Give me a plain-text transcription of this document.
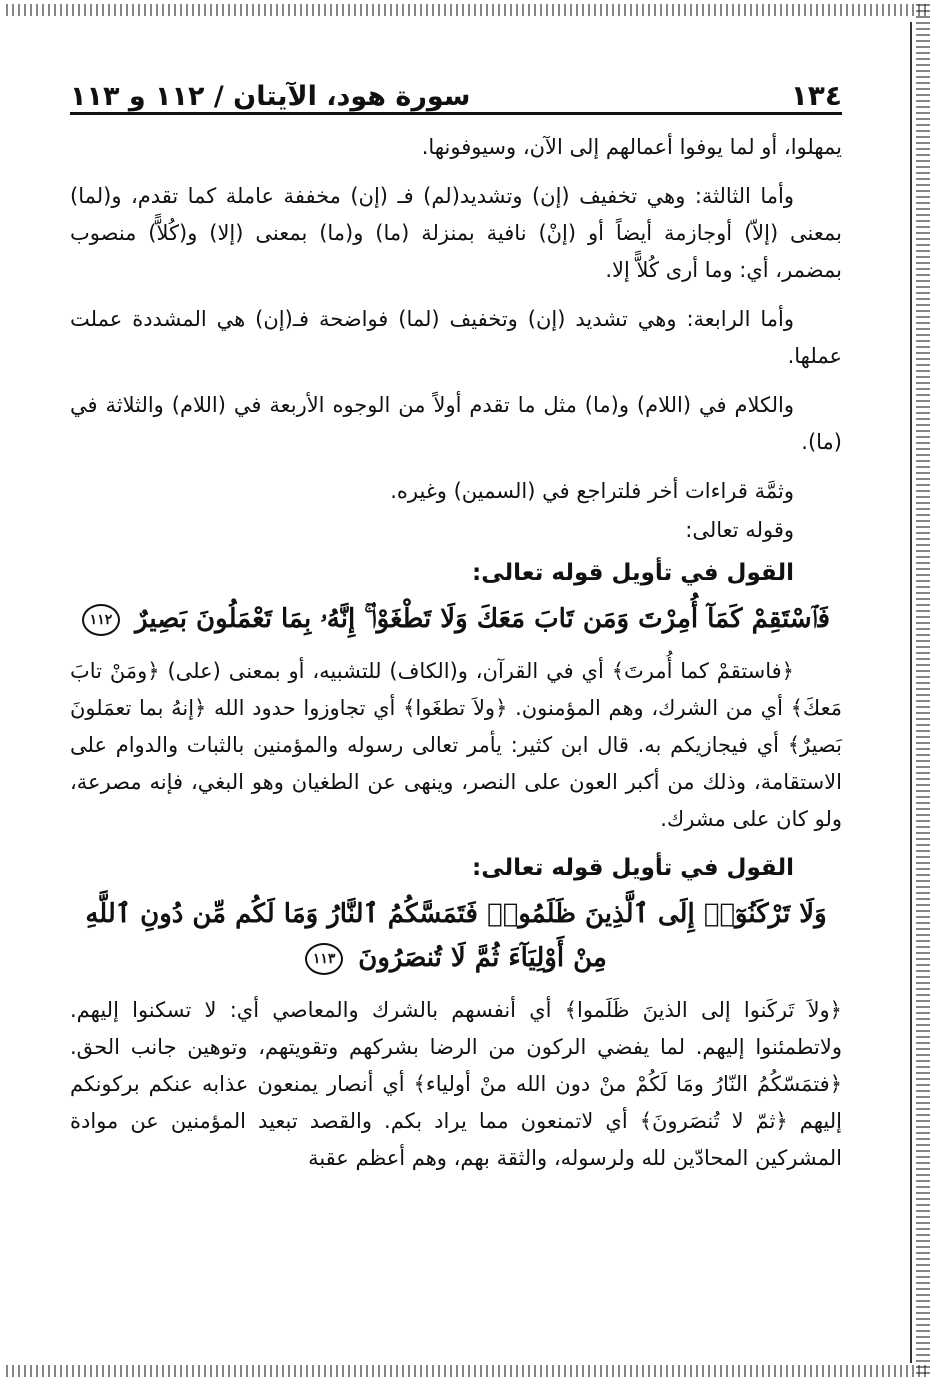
١٣٤
سورة هود، الآيتان / ١١٢ و ١١٣

يمهلوا، أو لما يوفوا أعمالهم إلى الآن، وسيوفونها.

وأما الثالثة: وهي تخفيف (إن) وتشديد(لم) فـ (إن) مخففة عاملة كما تقدم، و(لما) بمعنى (إلاّ) أوجازمة أيضاً أو (إنْ) نافية بمنزلة (ما) و(ما) بمعنى (إلا) و(كُلاًّ) منصوب بمضمر، أي: وما أرى كُلاًّ إلا.

وأما الرابعة: وهي تشديد (إن) وتخفيف (لما) فواضحة فـ(إن) هي المشددة عملت عملها.

والكلام في (اللام) و(ما) مثل ما تقدم أولاً من الوجوه الأربعة في (اللام) والثلاثة في (ما).

وثمَّة قراءات أخر فلتراجع في (السمين) وغيره.

وقوله تعالى:

القول في تأويل قوله تعالى:
فَٱسْتَقِمْ كَمَآ أُمِرْتَ وَمَن تَابَ مَعَكَ وَلَا تَطْغَوْا۟ ۚ إِنَّهُۥ بِمَا تَعْمَلُونَ بَصِيرٌ ١١٢

﴿فاستقمْ كما أُمرتَ﴾ أي في القرآن، و(الكاف) للتشبيه، أو بمعنى (على) ﴿ومَنْ تابَ مَعكَ﴾ أي من الشرك، وهم المؤمنون. ﴿ولاَ تطغَوا﴾ أي تجاوزوا حدود الله ﴿إنهُ بما تعمَلونَ بَصيرٌ﴾ أي فيجازيكم به. قال ابن كثير: يأمر تعالى رسوله والمؤمنين بالثبات والدوام على الاستقامة، وذلك من أكبر العون على النصر، وينهى عن الطغيان وهو البغي، فإنه مصرعة، ولو كان على مشرك.

القول في تأويل قوله تعالى:
وَلَا تَرْكَنُوٓا۟ إِلَى ٱلَّذِينَ ظَلَمُوا۟ فَتَمَسَّكُمُ ٱلنَّارُ وَمَا لَكُم مِّن دُونِ ٱللَّهِ مِنْ أَوْلِيَآءَ ثُمَّ لَا تُنصَرُونَ ١١٣

﴿ولاَ تَركَنوا إلى الذينَ ظَلَموا﴾ أي أنفسهم بالشرك والمعاصي أي: لا تسكنوا إليهم. ولاتطمئنوا إليهم. لما يفضي الركون من الرضا بشركهم وتقويتهم، وتوهين جانب الحق. ﴿فتمَسّكُمُ النّارُ ومَا لَكُمْ منْ دون الله منْ أولياء﴾ أي أنصار يمنعون عذابه عنكم بركونكم إليهم ﴿ثمّ لا تُنصَرونَ﴾ أي لاتمنعون مما يراد بكم. والقصد تبعيد المؤمنين عن موادة المشركين المحادّين لله ولرسوله، والثقة بهم، وهم أعظم عقبة
